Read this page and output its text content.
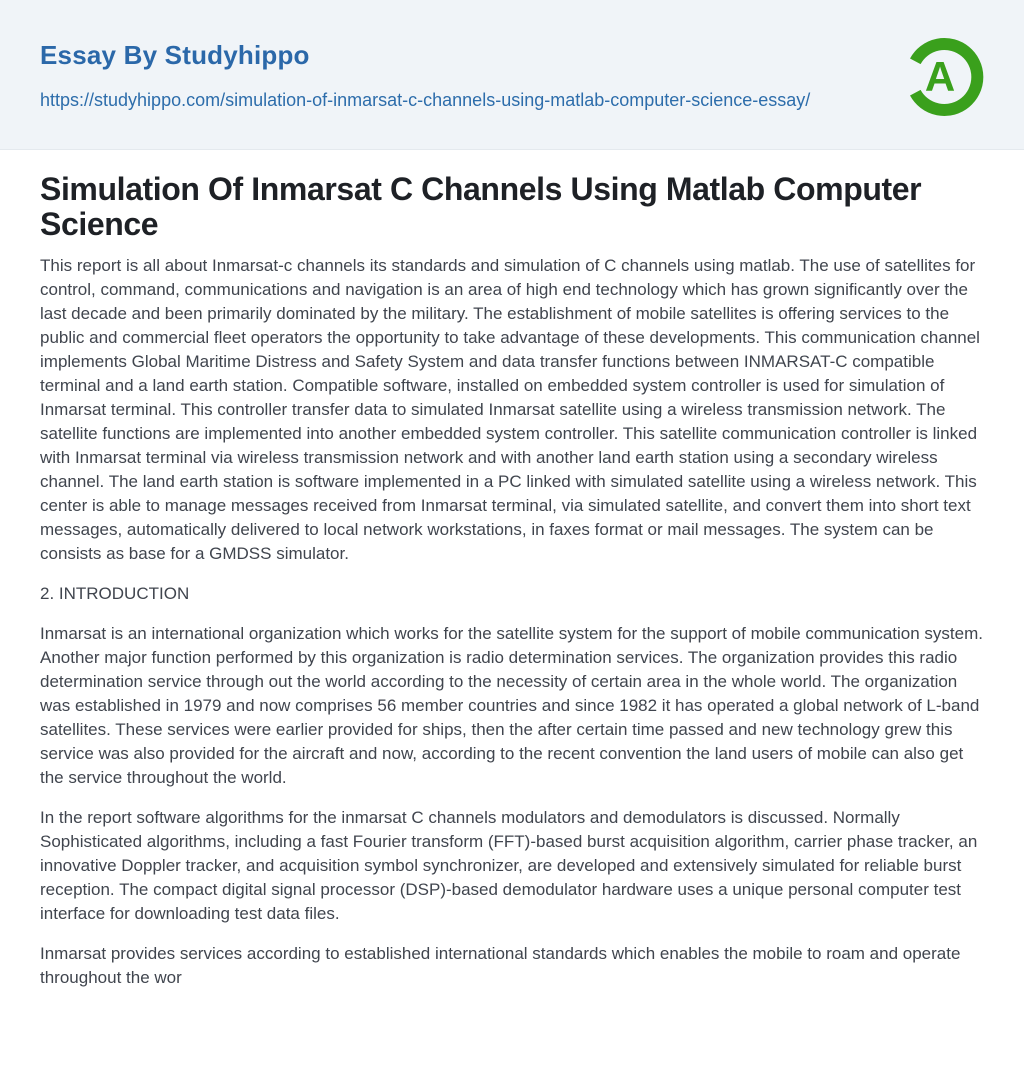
Essay By Studyhippo
https://studyhippo.com/simulation-of-inmarsat-c-channels-using-matlab-computer-science-essay/	A
Simulation Of Inmarsat C Channels Using Matlab Computer Science

This report is all about Inmarsat-c channels its standards and simulation of C channels using matlab. The use of satellites for control, command, communications and navigation is an area of high end technology which has grown significantly over the last decade and been primarily dominated by the military. The establishment of mobile satellites is offering services to the public and commercial fleet operators the opportunity to take advantage of these developments. This communication channel implements Global Maritime Distress and Safety System and data transfer functions between INMARSAT-C compatible terminal and a land earth station. Compatible software, installed on embedded system controller is used for simulation of Inmarsat terminal. This controller transfer data to simulated Inmarsat satellite using a wireless transmission network. The satellite functions are implemented into another embedded system controller. This satellite communication controller is linked with Inmarsat terminal via wireless transmission network and with another land earth station using a secondary wireless channel. The land earth station is software implemented in a PC linked with simulated satellite using a wireless network. This center is able to manage messages received from Inmarsat terminal, via simulated satellite, and convert them into short text messages, automatically delivered to local network workstations, in faxes format or mail messages. The system can be consists as base for a GMDSS simulator.

2. INTRODUCTION

Inmarsat is an international organization which works for the satellite system for the support of mobile communication system. Another major function performed by this organization is radio determination services. The organization provides this radio determination service through out the world according to the necessity of certain area in the whole world. The organization was established in 1979 and now comprises 56 member countries and since 1982 it has operated a global network of L-band satellites. These services were earlier provided for ships, then the after certain time passed and new technology grew this service was also provided for the aircraft and now, according to the recent convention the land users of mobile can also get the service throughout the world.

In the report software algorithms for the inmarsat C channels modulators and demodulators is discussed. Normally Sophisticated algorithms, including a fast Fourier transform (FFT)-based burst acquisition algorithm, carrier phase tracker, an innovative Doppler tracker, and acquisition symbol synchronizer, are developed and extensively simulated for reliable burst reception. The compact digital signal processor (DSP)-based demodulator hardware uses a unique personal computer test interface for downloading test data files.

Inmarsat provides services according to established international standards which enables the mobile to roam and operate throughout the wor
